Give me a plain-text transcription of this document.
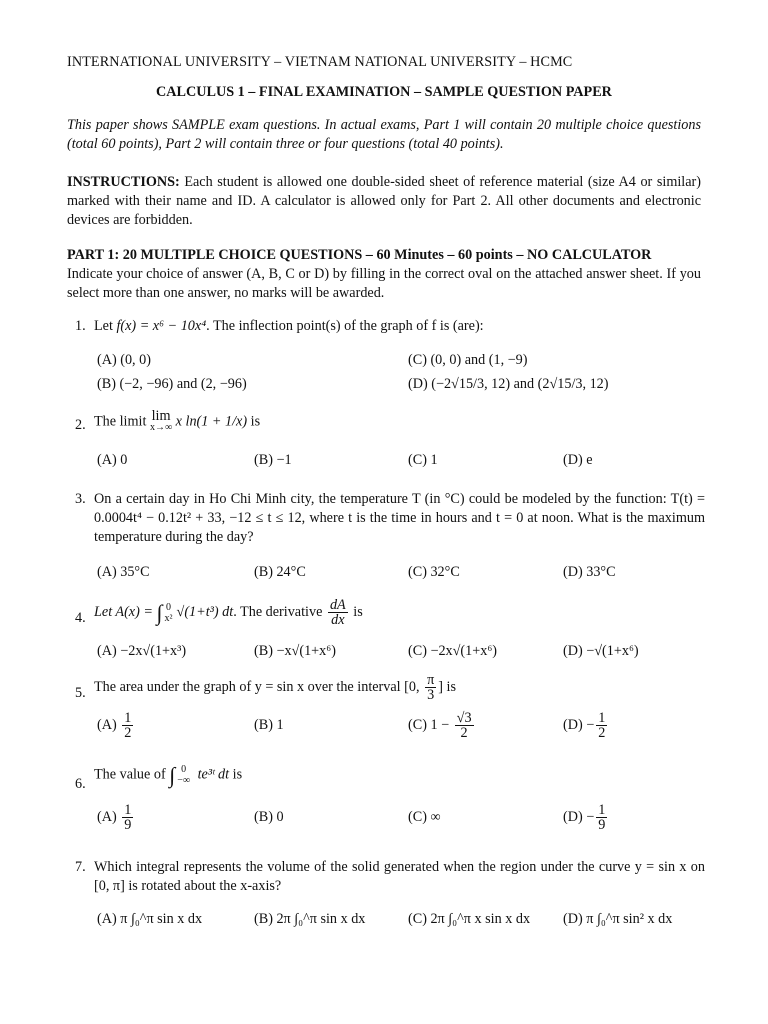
INTERNATIONAL UNIVERSITY – VIETNAM NATIONAL UNIVERSITY – HCMC
CALCULUS 1 – FINAL EXAMINATION – SAMPLE QUESTION PAPER
This paper shows SAMPLE exam questions. In actual exams, Part 1 will contain 20 multiple choice questions (total 60 points), Part 2 will contain three or four questions (total 40 points).
INSTRUCTIONS: Each student is allowed one double-sided sheet of reference material (size A4 or similar) marked with their name and ID. A calculator is allowed only for Part 2. All other documents and electronic devices are forbidden.
PART 1: 20 MULTIPLE CHOICE QUESTIONS – 60 Minutes – 60 points – NO CALCULATOR
Indicate your choice of answer (A, B, C or D) by filling in the correct oval on the attached answer sheet. If you select more than one answer, no marks will be awarded.
1. Let f(x) = x⁶ − 10x⁴. The inflection point(s) of the graph of f is (are):
(A) (0, 0)	(C) (0, 0) and (1, −9)
(B) (−2, −96) and (2, −96)	(D) (−2√15/3, 12) and (2√15/3, 12)
2. The limit lim
x→∞ x ln(1 + 1/x) is
(A) 0	(B) −1	(C) 1	(D) e
3. On a certain day in Ho Chi Minh city, the temperature T (in °C) could be modeled by the function: T(t) = 0.0004t⁴ − 0.12t² + 33, −12 ≤ t ≤ 12, where t is the time in hours and t = 0 at noon. What is the maximum temperature during the day?
(A) 35°C	(B) 24°C	(C) 32°C	(D) 33°C
4. Let A(x) = ∫ 0
x² √(1+t³) dt. The derivative $\frac{dA}{dx}$ is
(A) −2x√(1+x³)	(B) −x√(1+x⁶)	(C) −2x√(1+x⁶)	(D) −√(1+x⁶)
5. The area under the graph of y = sin x over the interval [0, $\frac{\pi}{3}$ ] is
$(A) \frac{1}{2}$	(B) 1	(C) $1 - \frac{√3}{2}$	$(D) - \frac{1}{2}$
6.
The value of ∫ 0
−∞ te³ᵗ dt is
$(A) \frac{1}{9}$	(B) 0	(C) ∞	$(D) - \frac{1}{9}$
7. Which integral represents the volume of the solid generated when the region under the curve y = sin x on [0, π] is rotated about the x-axis?
(A) π ∫₀^π sin x dx	(B) 2π ∫₀^π sin x dx	(C) 2π ∫₀^π x sin x dx (D) π ∫₀^π sin² x dx
